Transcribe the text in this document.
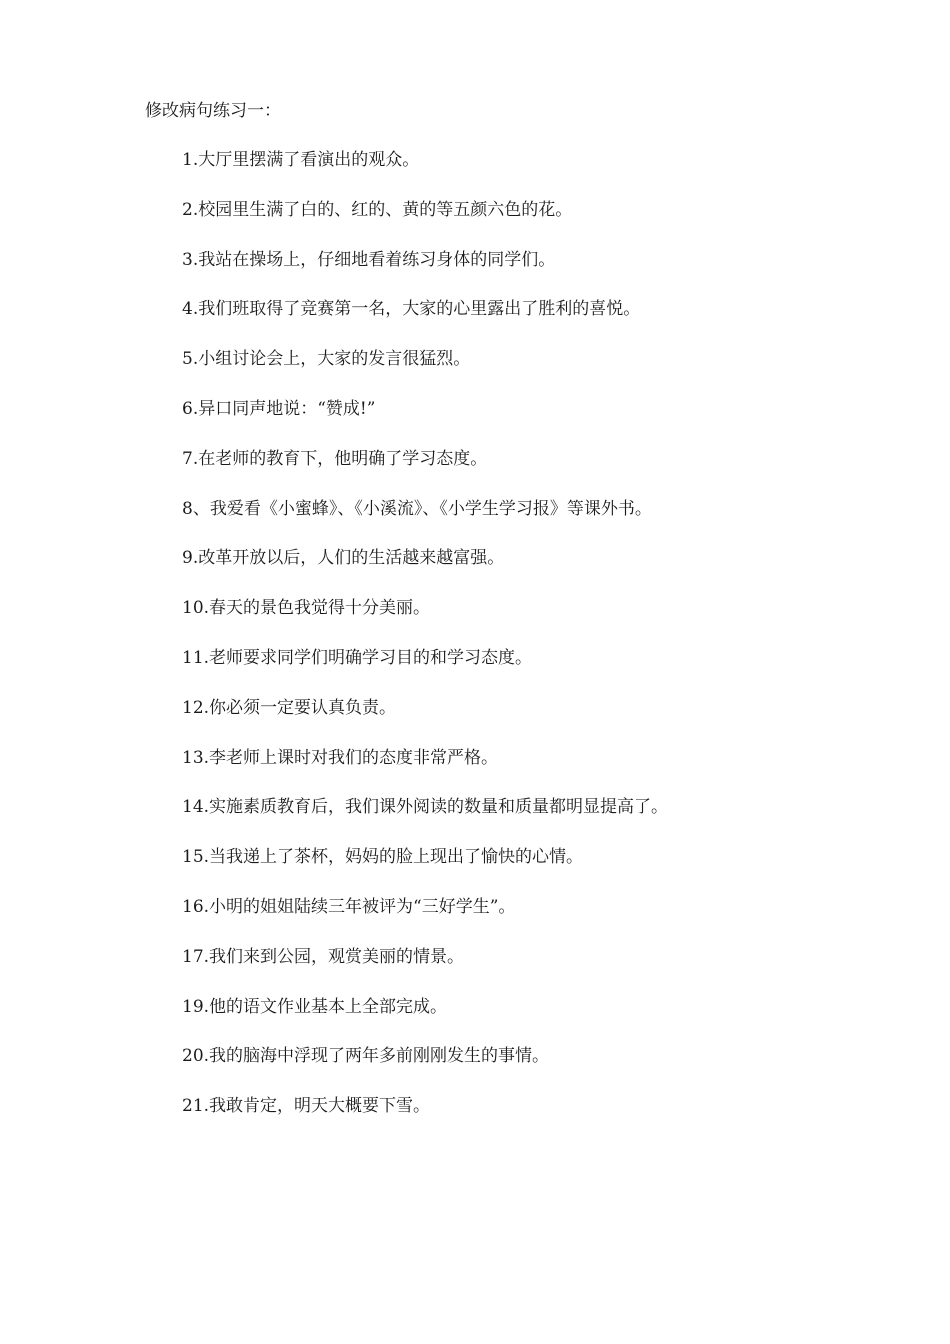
修改病句练习一：
1.大厅里摆满了看演出的观众。
2.校园里生满了白的、红的、黄的等五颜六色的花。
3.我站在操场上，仔细地看着练习身体的同学们。
4.我们班取得了竞赛第一名，大家的心里露出了胜利的喜悦。
5.小组讨论会上，大家的发言很猛烈。
6.异口同声地说：“赞成!”
7.在老师的教育下，他明确了学习态度。
8、我爱看《小蜜蜂》、《小溪流》、《小学生学习报》等课外书。
9.改革开放以后，人们的生活越来越富强。
10.春天的景色我觉得十分美丽。
11.老师要求同学们明确学习目的和学习态度。
12.你必须一定要认真负责。
13.李老师上课时对我们的态度非常严格。
14.实施素质教育后，我们课外阅读的数量和质量都明显提高了。
15.当我递上了茶杯，妈妈的脸上现出了愉快的心情。
16.小明的姐姐陆续三年被评为“三好学生”。
17.我们来到公园，观赏美丽的情景。
19.他的语文作业基本上全部完成。
20.我的脑海中浮现了两年多前刚刚发生的事情。
21.我敢肯定，明天大概要下雪。
